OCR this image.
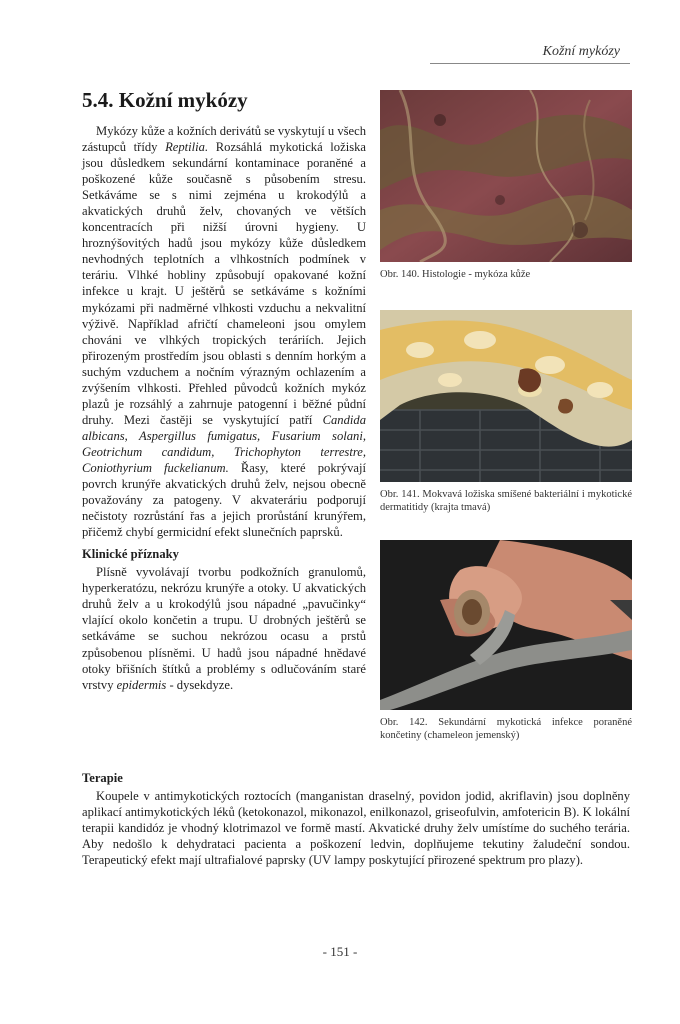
Kožní mykózy
5.4. Kožní mykózy

Mykózy kůže a kožních derivátů se vyskytují u všech zástupců třídy Reptilia. Rozsáhlá mykotická ložiska jsou důsledkem sekundární kontaminace poraněné a poškozené kůže současně s působením stresu. Setkáváme se s nimi zejména u krokodýlů a akvatických druhů želv, chovaných ve větších koncentracích při nižší úrovni hygieny. U hroznýšovitých hadů jsou mykózy kůže důsledkem nevhodných teplotních a vlhkostních podmínek v teráriu. Vlhké hobliny způsobují opakované kožní infekce u krajt. U ještěrů se setkáváme s kožními mykózami při nadměrné vlhkosti vzduchu a nekvalitní výživě. Například afričtí chameleoni jsou omylem chováni ve vlhkých tropických teráriích. Jejich přirozeným prostředím jsou oblasti s denním horkým a suchým vzduchem a nočním výrazným ochlazením a zvýšením vlhkosti. Přehled původců kožních mykóz plazů je rozsáhlý a zahrnuje patogenní i běžné půdní druhy. Mezi častěji se vyskytující patří Candida albicans, Aspergillus fumigatus, Fusarium solani, Geotrichum candidum, Trichophyton terrestre, Coniothyrium fuckelianum. Řasy, které pokrývají povrch krunýře akvatických druhů želv, nejsou obecně považovány za patogeny. V akvateráriu podporují nečistoty rozrůstání řas a jejich prorůstání krunýřem, přičemž chybí germicidní efekt slunečních paprsků.

Klinické příznaky

Plísně vyvolávají tvorbu podkožních granulomů, hyperkeratózu, nekrózu krunýře a otoky. U akvatických druhů želv a u krokodýlů jsou nápadné „pavučinky“ vlající okolo končetin a trupu. U drobných ještěrů se setkáváme se suchou nekrózou ocasu a prstů způsobenou plísněmi. U hadů jsou nápadné hnědavé otoky břišních štítků a problémy s odlučováním staré vrstvy epidermis - dysekdyze.

Terapie

Koupele v antimykotických roztocích (manganistan draselný, povidon jodid, akriflavin) jsou doplněny aplikací antimykotických léků (ketokonazol, mikonazol, enilkonazol, griseofulvin, amfotericin B). K lokální terapii kandidóz je vhodný klotrimazol ve formě mastí. Akvatické druhy želv umístíme do suchého terária. Aby nedošlo k dehydrataci pacienta a poškození ledvin, doplňujeme tekutiny žaludeční sondou. Terapeutický efekt mají ultrafialové paprsky (UV lampy poskytující přirozené spektrum pro plazy).

Obr. 140. Histologie - mykóza kůže
Obr. 141. Mokvavá ložiska smíšené bakteriální i mykotické dermatitidy (krajta tmavá)
Obr. 142. Sekundární mykotická infekce poraněné končetiny (chameleon jemenský)
- 151 -
